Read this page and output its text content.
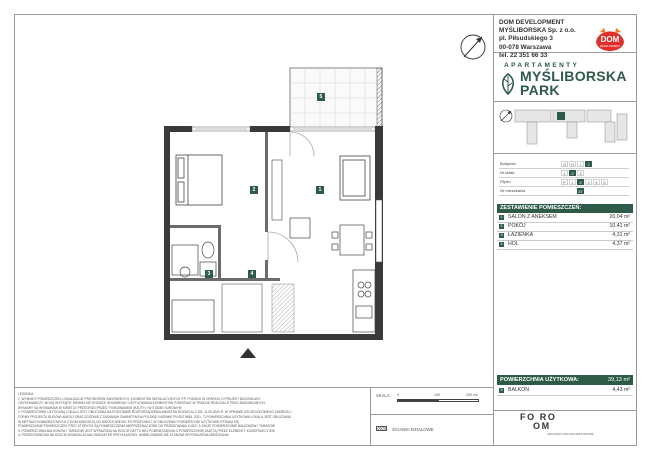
DOM DEVELOPMENT
MYŚLIBORSKA Sp. z o.o.
pl. Piłsudskiego 3
00-078 Warszawa
tel. 22 351 66 33
DOM
DEVELOPMENT
APARTAMENTY
MYŚLIBORSKA
PARK
Budynek	G	H	I	J
Nr klatki	1	2	3
Piętro	P	1	2	3	4	5
Nr mieszkania	37
ZESTAWIENIE POMIESZCZEŃ:
1 SALON Z ANEKSEM	20,04 m²
2 POKÓJ	10,41 m²
3 ŁAZIENKA	4,31 m²
4 HOL	4,37 m²
POWIERZCHNIA UŻYTKOWA:	39,13 m²
5 BALKON	4,43 m²
5
1
2
3	4
LEGENDA:
1. WYMIARY POMIESZCZEŃ, LOKALIZACJE PRZYBORÓW SANITARNYCH, ELEMENTÓW INSTALACYJNYCH ITP. PODANO W OPARCIU O PROJEKT BUDOWLANY
I WYKONAWCZY. MOGĄ WYSTĄPIĆ NIEWIELKIE RÓŻNICE WYMIARÓW I USYTUOWANIA ELEMENTÓW POWSTAŁE W TRAKCIE REALIZACJI PRAC BUDOWLANYCH.
WYMIARY SĄ WYMIARAMI W ŚWIETLE PRZEGRÓD PRZED TYNKOWANIEM (RZUTY) I W STANIE SUROWYM
2. POWIERZCHNIĘ UŻYTKOWĄ LOKALU JEST OBLICZANA NA PODSTAWIE ROZPORZĄDZENIA MINISTRA ROZWOJU Z DN. 11.09.2020 R. W SPRAWIE SZCZEGÓŁOWEGO ZAKRESU I
FORMY PROJEKTU BUDOWLANEGO ORAZ ZGODNIE Z ZASADAMI ZAWARTYMI W POLSKIEJ NORMIE PN-ISO 9836. 2021. 7) POWIERZCHNIA UŻYTKOWA LOKALU JEST OBLICZANA
W METRACH KWADRATOWYCH Z DOKŁADNOŚCIĄ DO DWÓCH MIEJSC PO PRZECINKU. W OBLICZENIU POWIERZCHNI UŻYTKOWEJ POMIJA SIĘ
POWIERZCHNIE POMIESZCZEŃ, PRZY KTÓRYCH SĄ POMIESZCZENIA NIEPRZEZNACZONE DO PRZEBYWANIA LUDZI, A TAKŻE POWIERZCHNIE BALKONÓW I TARASÓW
3. POWIERZCHNIA BALKONÓW I TARASÓW JEST WYRAŻONA NA RZUCIE NETTO BEZ POMNIEJSZENIA O POWIERZCHNIĘ ZAJĘTĄ PRZEZ ELEMENTY KONSTRUKCYJNE
4. PRZEDSTAWIONA NA RZUCIE ARANŻACJA MA CHARAKTER PRZYKŁADOWY, UMEBLOWANIE NIE STANOWI WYPOSAŻENIA MIESZKANIA
SKALA: 0	100	200 cm
ŚCIANKI DZIAŁOWE
FO RO
OM
ARCHITEKTURA PROJEKTOWANIE
